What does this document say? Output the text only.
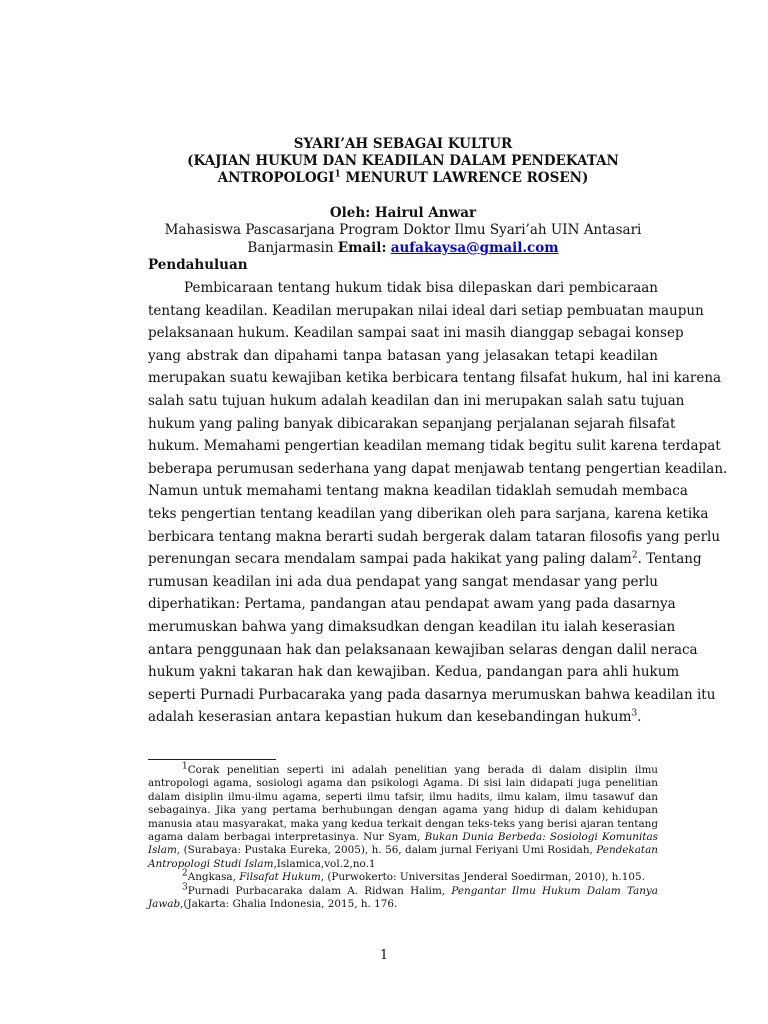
SYARI’AH SEBAGAI KULTUR
(KAJIAN HUKUM DAN KEADILAN DALAM PENDEKATAN
ANTROPOLOGI$^1$ MENURUT LAWRENCE ROSEN)
Oleh: Hairul Anwar
Mahasiswa Pascasarjana Program Doktor Ilmu Syari’ah UIN Antasari
Banjarmasin Email: aufakaysa@gmail.com
Pendahuluan
Pembicaraan tentang hukum tidak bisa dilepaskan dari pembicaraan
tentang keadilan. Keadilan merupakan nilai ideal dari setiap pembuatan maupun
pelaksanaan hukum. Keadilan sampai saat ini masih dianggap sebagai konsep
yang abstrak dan dipahami tanpa batasan yang jelasakan tetapi keadilan
merupakan suatu kewajiban ketika berbicara tentang filsafat hukum, hal ini karena
salah satu tujuan hukum adalah keadilan dan ini merupakan salah satu tujuan
hukum yang paling banyak dibicarakan sepanjang perjalanan sejarah filsafat
hukum. Memahami pengertian keadilan memang tidak begitu sulit karena terdapat
beberapa perumusan sederhana yang dapat menjawab tentang pengertian keadilan.
Namun untuk memahami tentang makna keadilan tidaklah semudah membaca
teks pengertian tentang keadilan yang diberikan oleh para sarjana, karena ketika
berbicara tentang makna berarti sudah bergerak dalam tataran filosofis yang perlu
perenungan secara mendalam sampai pada hakikat yang paling dalam$^2$. Tentang
rumusan keadilan ini ada dua pendapat yang sangat mendasar yang perlu
diperhatikan: Pertama, pandangan atau pendapat awam yang pada dasarnya
merumuskan bahwa yang dimaksudkan dengan keadilan itu ialah keserasian
antara penggunaan hak dan pelaksanaan kewajiban selaras dengan dalil neraca
hukum yakni takaran hak dan kewajiban. Kedua, pandangan para ahli hukum
seperti Purnadi Purbacaraka yang pada dasarnya merumuskan bahwa keadilan itu
adalah keserasian antara kepastian hukum dan kesebandingan hukum$^3$.
$^1$Corak penelitian seperti ini adalah penelitian yang berada di dalam disiplin ilmu
antropologi agama, sosiologi agama dan psikologi Agama. Di sisi lain didapati juga penelitian
dalam disiplin ilmu-ilmu agama, seperti ilmu tafsir, ilmu hadits, ilmu kalam, ilmu tasawuf dan
sebagainya. Jika yang pertama berhubungan dengan agama yang hidup di dalam kehidupan
manusia atau masyarakat, maka yang kedua terkait dengan teks-teks yang berisi ajaran tentang
agama dalam berbagai interpretasinya. Nur Syam, Bukan Dunia Berbeda: Sosiologi Komunitas
Islam, (Surabaya: Pustaka Eureka, 2005), h. 56, dalam jurnal Feriyani Umi Rosidah, Pendekatan
Antropologi Studi Islam,Islamica,vol.2,no.1
$^2$Angkasa, Filsafat Hukum, (Purwokerto: Universitas Jenderal Soedirman, 2010), h.105.
$^3$Purnadi Purbacaraka dalam A. Ridwan Halim, Pengantar Ilmu Hukum Dalam Tanya
Jawab,(Jakarta: Ghalia Indonesia, 2015, h. 176.
1
